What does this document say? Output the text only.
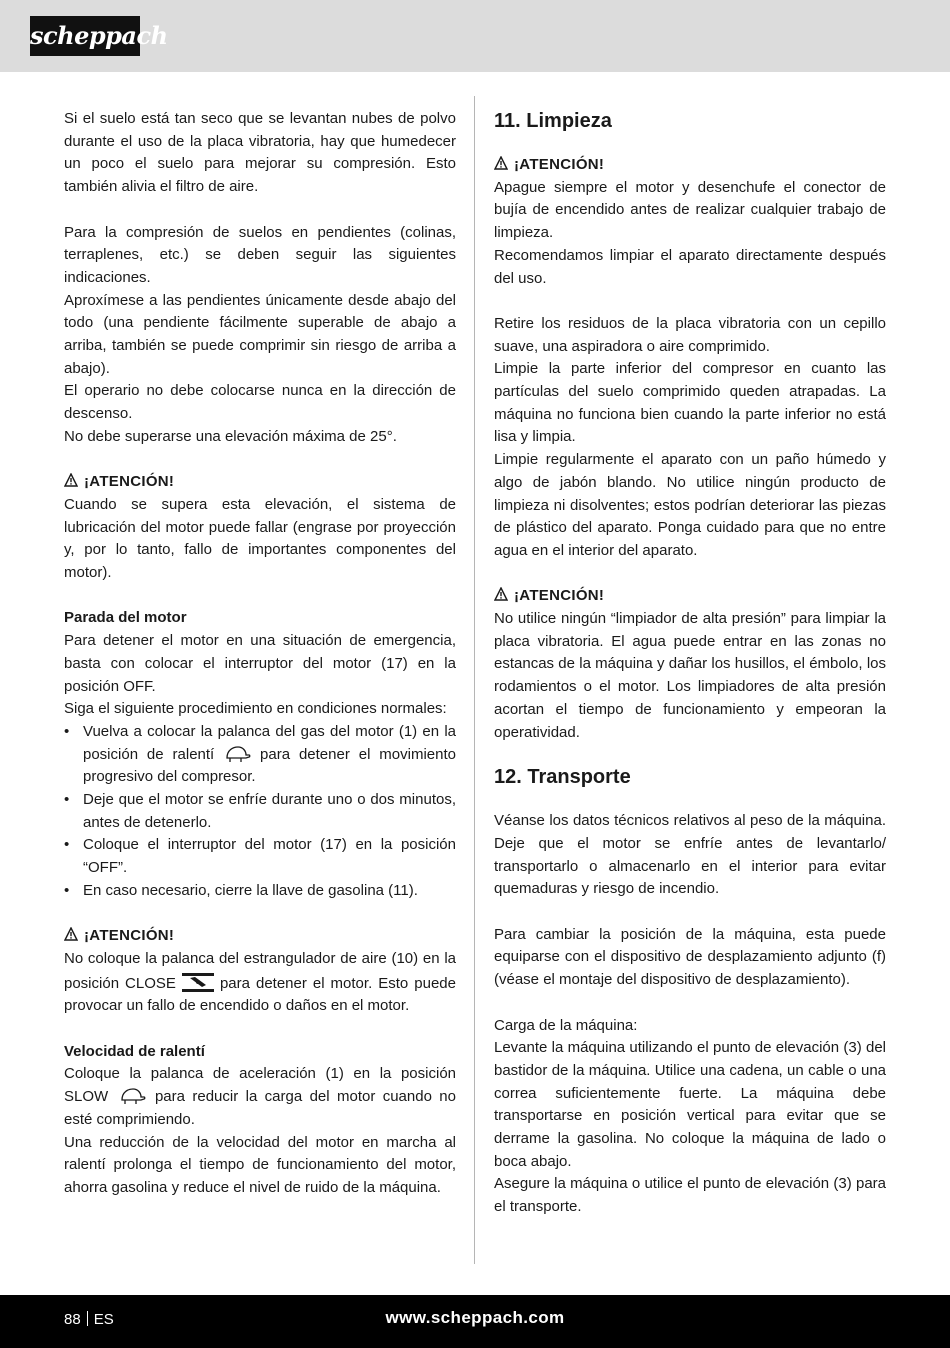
scheppach

Si el suelo está tan seco que se levantan nubes de polvo durante el uso de la placa vibratoria, hay que humedecer un poco el suelo para mejorar su compresión. Esto también alivia el filtro de aire.

Para la compresión de suelos en pendientes (colinas, terraplenes, etc.) se deben seguir las siguientes indicaciones.

Aproxímese a las pendientes únicamente desde abajo del todo (una pendiente fácilmente superable de abajo a arriba, también se puede comprimir sin riesgo de arriba a abajo).

El operario no debe colocarse nunca en la dirección de descenso.

No debe superarse una elevación máxima de 25°.

¡ATENCIÓN!

Cuando se supera esta elevación, el sistema de lubricación del motor puede fallar (engrase por proyección y, por lo tanto, fallo de importantes componentes del motor).

Parada del motor

Para detener el motor en una situación de emergencia, basta con colocar el interruptor del motor (17) en la posición OFF.

Siga el siguiente procedimiento en condiciones normales:

• Vuelva a colocar la palanca del gas del motor (1) en la posición de ralentí	para detener el movimiento progresivo del compresor.
• Deje que el motor se enfríe durante uno o dos minutos, antes de detenerlo.
• Coloque el interruptor del motor (17) en la posición “OFF”.
• En caso necesario, cierre la llave de gasolina (11).

¡ATENCIÓN!

No coloque la palanca del estrangulador de aire (10) en la posición CLOSE	para detener el motor. Esto puede provocar un fallo de encendido o daños en el motor.

Velocidad de ralentí

Coloque la palanca de aceleración (1) en la posición SLOW	para reducir la carga del motor cuando no esté comprimiendo.

Una reducción de la velocidad del motor en marcha al ralentí prolonga el tiempo de funcionamiento del motor, ahorra gasolina y reduce el nivel de ruido de la máquina.

11. Limpieza

¡ATENCIÓN!

Apague siempre el motor y desenchufe el conector de bujía de encendido antes de realizar cualquier trabajo de limpieza.

Recomendamos limpiar el aparato directamente después del uso.

Retire los residuos de la placa vibratoria con un cepillo suave, una aspiradora o aire comprimido.

Limpie la parte inferior del compresor en cuanto las partículas del suelo comprimido queden atrapadas. La máquina no funciona bien cuando la parte inferior no está lisa y limpia.

Limpie regularmente el aparato con un paño húmedo y algo de jabón blando. No utilice ningún producto de limpieza ni disolventes; estos podrían deteriorar las piezas de plástico del aparato. Ponga cuidado para que no entre agua en el interior del aparato.

¡ATENCIÓN!

No utilice ningún “limpiador de alta presión” para limpiar la placa vibratoria. El agua puede entrar en las zonas no estancas de la máquina y dañar los husillos, el émbolo, los rodamientos o el motor. Los limpiadores de alta presión acortan el tiempo de funcionamiento y empeoran la operatividad.

12. Transporte

Véanse los datos técnicos relativos al peso de la máquina. Deje que el motor se enfríe antes de levantarlo/ transportarlo o almacenarlo en el interior para evitar quemaduras y riesgo de incendio.

Para cambiar la posición de la máquina, esta puede equiparse con el dispositivo de desplazamiento adjunto (f) (véase el montaje del dispositivo de desplazamiento).

Carga de la máquina:

Levante la máquina utilizando el punto de elevación (3) del bastidor de la máquina. Utilice una cadena, un cable o una correa suficientemente fuerte. La máquina debe transportarse en posición vertical para evitar que se derrame la gasolina. No coloque la máquina de lado o boca abajo.

Asegure la máquina o utilice el punto de elevación (3) para el transporte.

88 ES	www.scheppach.com
